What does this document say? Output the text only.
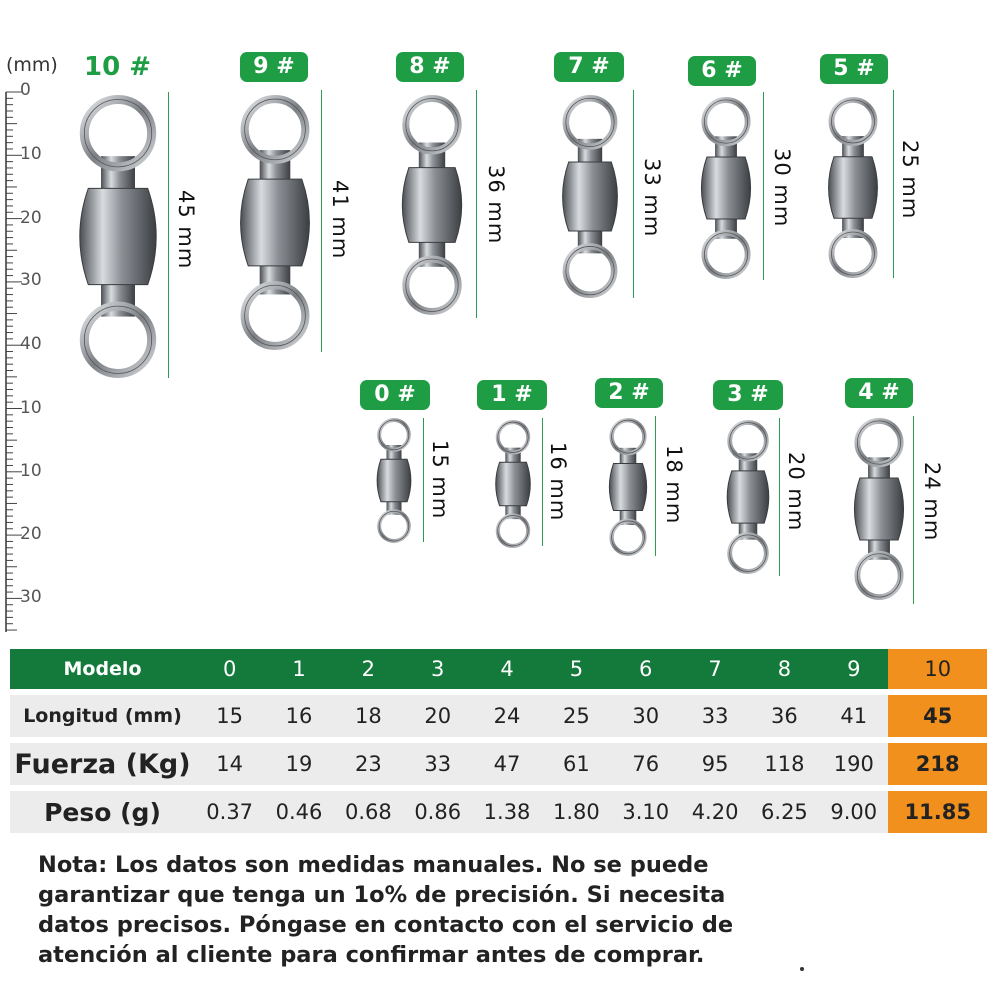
(mm)
0
10
20
30
40
10
10
20
30
10 #	9 #	8 #	7 #	6 #	5 #
0 #	1 #	2 #	3 #	4 #
45 mm	41 mm	36 mm	33 mm	30 mm	25 mm
15 mm	16 mm	18 mm	20 mm	24 mm
Modelo	0	1	2	3	4	5	6	7	8	9	10
Longitud (mm)	15	16	18	20	24	25	30	33	36	41	45
Fuerza (Kg)	14	19	23	33	47	61	76	95	118	190	218
Peso (g)	0.37	0.46	0.68	0.86	1.38	1.80	3.10	4.20	6.25	9.00	11.85
Nota: Los datos son medidas manuales. No se puede
garantizar que tenga un 1o% de precisión. Si necesita
datos precisos. Póngase en contacto con el servicio de
atención al cliente para confirmar antes de comprar.
